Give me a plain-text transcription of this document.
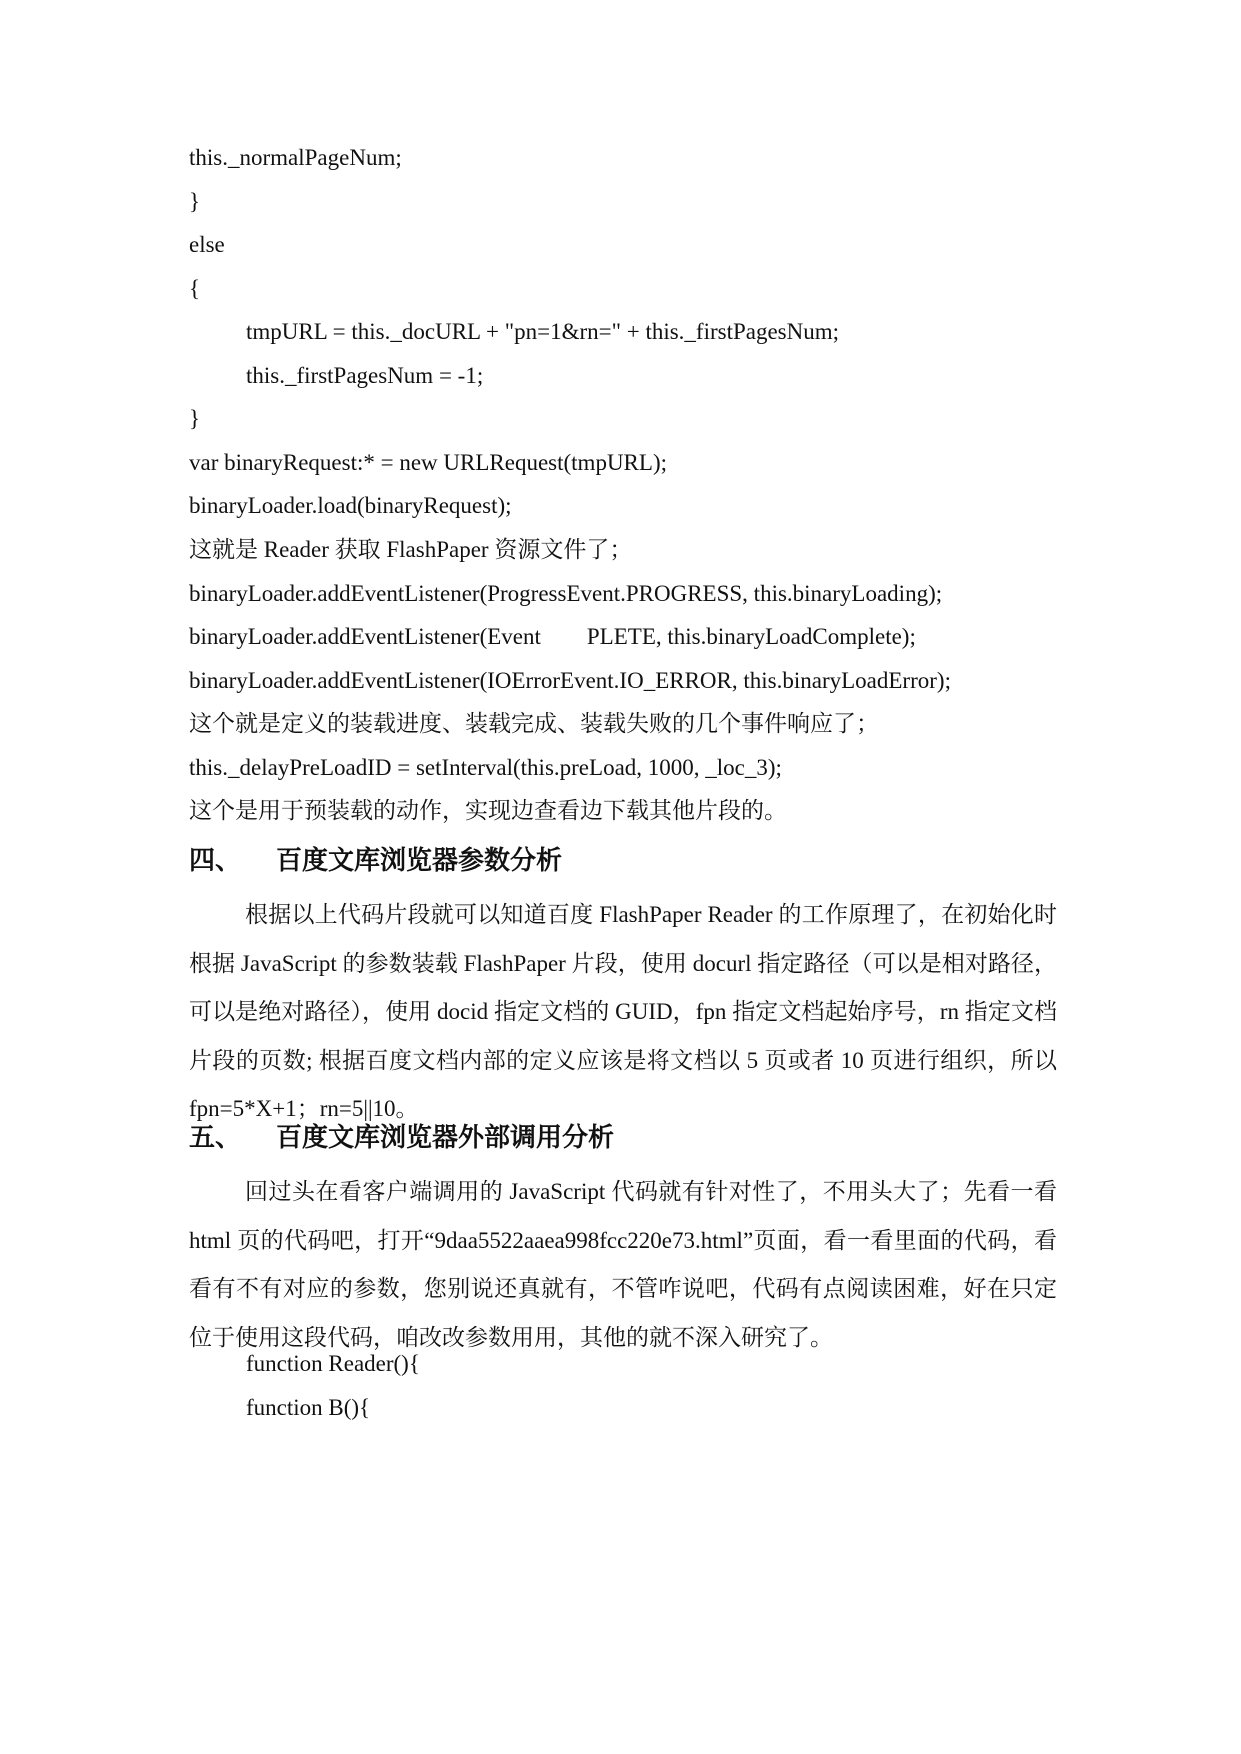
this._normalPageNum;
}
else
{
tmpURL = this._docURL + "pn=1&rn=" + this._firstPagesNum;
this._firstPagesNum = -1;
}
var binaryRequest:* = new URLRequest(tmpURL);
binaryLoader.load(binaryRequest);
这就是 Reader 获取 FlashPaper 资源文件了；
binaryLoader.addEventListener(ProgressEvent.PROGRESS, this.binaryLoading);
binaryLoader.addEventListener(Event        PLETE, this.binaryLoadComplete);
binaryLoader.addEventListener(IOErrorEvent.IO_ERROR, this.binaryLoadError);
这个就是定义的装载进度、装载完成、装载失败的几个事件响应了；
this._delayPreLoadID = setInterval(this.preLoad, 1000, _loc_3);
这个是用于预装载的动作，实现边查看边下载其他片段的。
四、 百度文库浏览器参数分析
根据以上代码片段就可以知道百度 FlashPaper Reader 的工作原理了，在初始化时根据 JavaScript 的参数装载 FlashPaper 片段，使用 docurl 指定路径（可以是相对路径，可以是绝对路径），使用 docid 指定文档的 GUID，fpn 指定文档起始序号，rn 指定文档片段的页数; 根据百度文档内部的定义应该是将文档以 5 页或者 10 页进行组织，所以 fpn=5*X+1；rn=5||10。
五、 百度文库浏览器外部调用分析
回过头在看客户端调用的 JavaScript 代码就有针对性了，不用头大了；先看一看 html 页的代码吧，打开“9daa5522aaea998fcc220e73.html”页面，看一看里面的代码，看看有不有对应的参数，您别说还真就有，不管咋说吧，代码有点阅读困难，好在只定位于使用这段代码，咱改改参数用用，其他的就不深入研究了。
function Reader(){
function B(){
